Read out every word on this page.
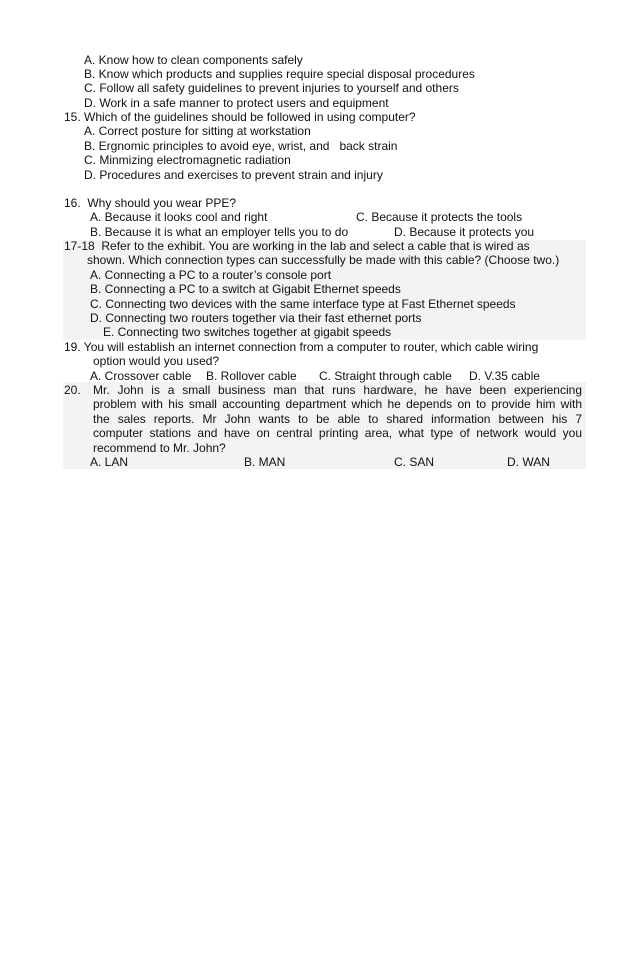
A. Know how to clean components safely
B. Know which products and supplies require special disposal procedures
C. Follow all safety guidelines to prevent injuries to yourself and others
D. Work in a safe manner to protect users and equipment
15. Which of the guidelines should be followed in using computer?
A. Correct posture for sitting at workstation
B. Ergnomic principles to avoid eye, wrist, and   back strain
C. Minmizing electromagnetic radiation
D. Procedures and exercises to prevent strain and injury
16.  Why should you wear PPE?
A. Because it looks cool and right	C. Because it protects the tools
B. Because it is what an employer tells you to do	D. Because it protects you
17-18  Refer to the exhibit. You are working in the lab and select a cable that is wired as
shown. Which connection types can successfully be made with this cable? (Choose two.)
A. Connecting a PC to a router’s console port
B. Connecting a PC to a switch at Gigabit Ethernet speeds
C. Connecting two devices with the same interface type at Fast Ethernet speeds
D. Connecting two routers together via their fast ethernet ports
E. Connecting two switches together at gigabit speeds
19. You will establish an internet connection from a computer to router, which cable wiring
option would you used?
A. Crossover cable B. Rollover cable C. Straight through cable D. V.35 cable
20. Mr. John is a small business man that runs hardware, he have been experiencing
problem with his small accounting department which he depends on to provide him with
the sales reports. Mr John wants to be able to shared information between his 7
computer stations and have on central printing area, what type of network would you
recommend to Mr. John?
A. LAN	B. MAN	C. SAN	D. WAN
